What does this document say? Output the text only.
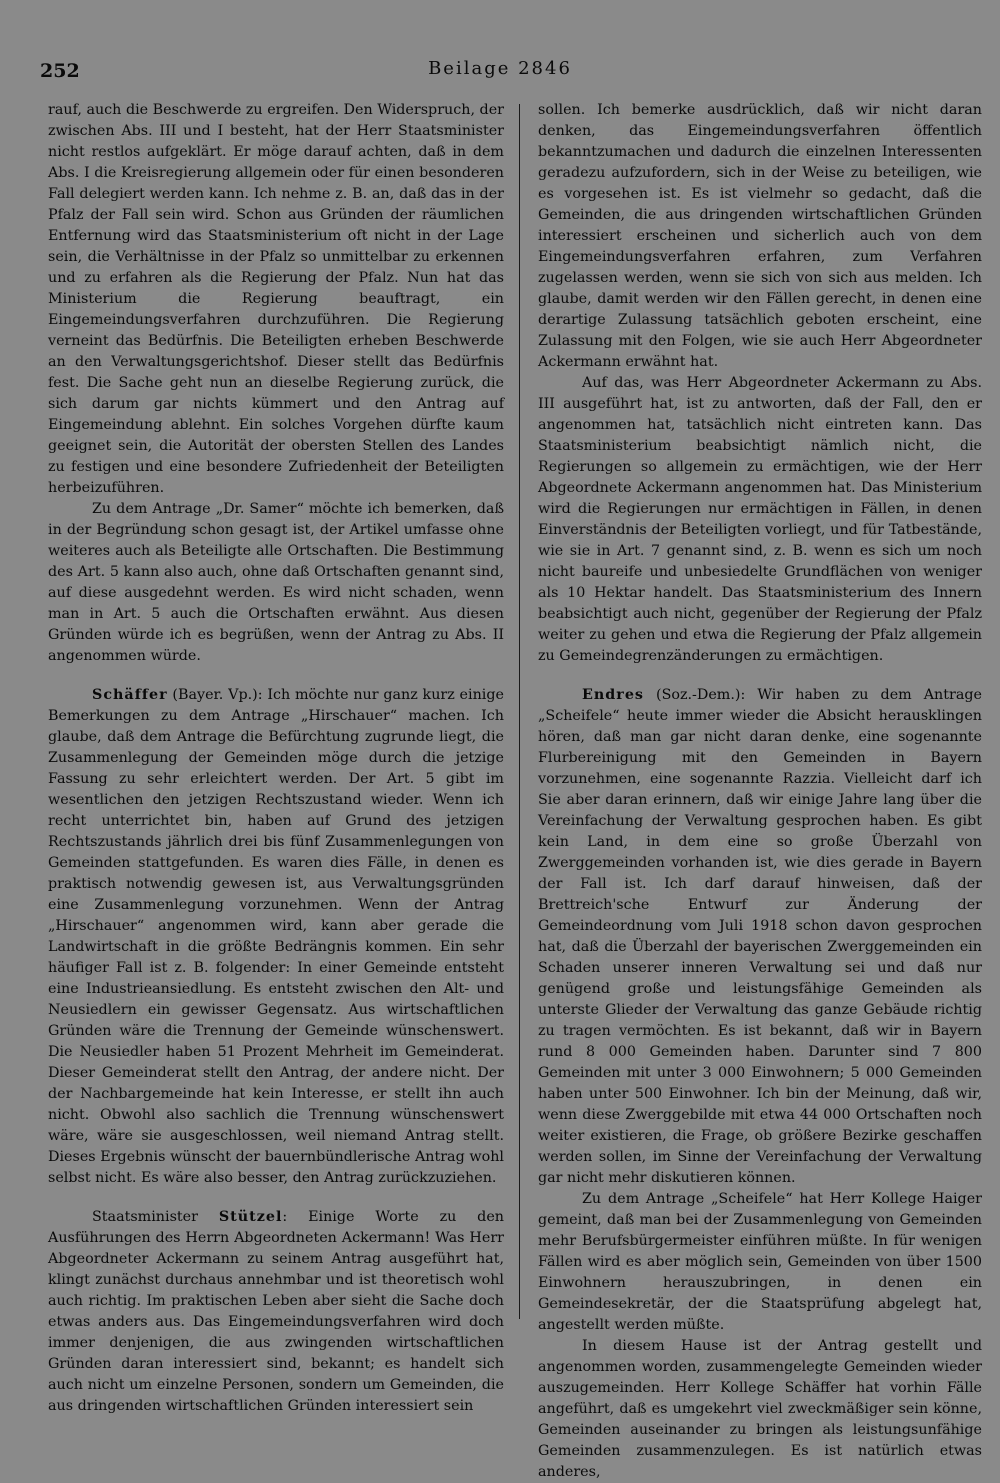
252	Beilage 2846

rauf, auch die Beschwerde zu ergreifen. Den Widerspruch, der zwischen Abs. III und I besteht, hat der Herr Staatsminister nicht restlos aufgeklärt. Er möge darauf achten, daß in dem Abs. I die Kreisregierung allgemein oder für einen besonderen Fall delegiert werden kann. Ich nehme z. B. an, daß das in der Pfalz der Fall sein wird. Schon aus Gründen der räumlichen Entfernung wird das Staatsministerium oft nicht in der Lage sein, die Verhältnisse in der Pfalz so unmittelbar zu erkennen und zu erfahren als die Regierung der Pfalz. Nun hat das Ministerium die Regierung beauftragt, ein Eingemeindungsverfahren durchzuführen. Die Regierung verneint das Bedürfnis. Die Beteiligten erheben Beschwerde an den Verwaltungsgerichtshof. Dieser stellt das Bedürfnis fest. Die Sache geht nun an dieselbe Regierung zurück, die sich darum gar nichts kümmert und den Antrag auf Eingemeindung ablehnt. Ein solches Vorgehen dürfte kaum geeignet sein, die Autorität der obersten Stellen des Landes zu festigen und eine besondere Zufriedenheit der Beteiligten herbeizuführen.

Zu dem Antrage „Dr. Samer“ möchte ich bemerken, daß in der Begründung schon gesagt ist, der Artikel umfasse ohne weiteres auch als Beteiligte alle Ortschaften. Die Bestimmung des Art. 5 kann also auch, ohne daß Ortschaften genannt sind, auf diese ausgedehnt werden. Es wird nicht schaden, wenn man in Art. 5 auch die Ortschaften erwähnt. Aus diesen Gründen würde ich es begrüßen, wenn der Antrag zu Abs. II angenommen würde.

Schäffer (Bayer. Vp.): Ich möchte nur ganz kurz einige Bemerkungen zu dem Antrage „Hirschauer“ machen. Ich glaube, daß dem Antrage die Befürchtung zugrunde liegt, die Zusammenlegung der Gemeinden möge durch die jetzige Fassung zu sehr erleichtert werden. Der Art. 5 gibt im wesentlichen den jetzigen Rechtszustand wieder. Wenn ich recht unterrichtet bin, haben auf Grund des jetzigen Rechtszustands jährlich drei bis fünf Zusammenlegungen von Gemeinden stattgefunden. Es waren dies Fälle, in denen es praktisch notwendig gewesen ist, aus Verwaltungsgründen eine Zusammenlegung vorzunehmen. Wenn der Antrag „Hirschauer“ angenommen wird, kann aber gerade die Landwirtschaft in die größte Bedrängnis kommen. Ein sehr häufiger Fall ist z. B. folgender: In einer Gemeinde entsteht eine Industrieansiedlung. Es entsteht zwischen den Alt- und Neusiedlern ein gewisser Gegensatz. Aus wirtschaftlichen Gründen wäre die Trennung der Gemeinde wünschenswert. Die Neusiedler haben 51 Prozent Mehrheit im Gemeinderat. Dieser Gemeinderat stellt den Antrag, der andere nicht. Der der Nachbargemeinde hat kein Interesse, er stellt ihn auch nicht. Obwohl also sachlich die Trennung wünschenswert wäre, wäre sie ausgeschlossen, weil niemand Antrag stellt. Dieses Ergebnis wünscht der bauernbündlerische Antrag wohl selbst nicht. Es wäre also besser, den Antrag zurückzuziehen.

Staatsminister Stützel: Einige Worte zu den Ausführungen des Herrn Abgeordneten Ackermann! Was Herr Abgeordneter Ackermann zu seinem Antrag ausgeführt hat, klingt zunächst durchaus annehmbar und ist theoretisch wohl auch richtig. Im praktischen Leben aber sieht die Sache doch etwas anders aus. Das Eingemeindungsverfahren wird doch immer denjenigen, die aus zwingenden wirtschaftlichen Gründen daran interessiert sind, bekannt; es handelt sich auch nicht um einzelne Personen, sondern um Gemeinden, die aus dringenden wirtschaftlichen Gründen interessiert sein

sollen. Ich bemerke ausdrücklich, daß wir nicht daran denken, das Eingemeindungsverfahren öffentlich bekanntzumachen und dadurch die einzelnen Interessenten geradezu aufzufordern, sich in der Weise zu beteiligen, wie es vorgesehen ist. Es ist vielmehr so gedacht, daß die Gemeinden, die aus dringenden wirtschaftlichen Gründen interessiert erscheinen und sicherlich auch von dem Eingemeindungsverfahren erfahren, zum Verfahren zugelassen werden, wenn sie sich von sich aus melden. Ich glaube, damit werden wir den Fällen gerecht, in denen eine derartige Zulassung tatsächlich geboten erscheint, eine Zulassung mit den Folgen, wie sie auch Herr Abgeordneter Ackermann erwähnt hat.

Auf das, was Herr Abgeordneter Ackermann zu Abs. III ausgeführt hat, ist zu antworten, daß der Fall, den er angenommen hat, tatsächlich nicht eintreten kann. Das Staatsministerium beabsichtigt nämlich nicht, die Regierungen so allgemein zu ermächtigen, wie der Herr Abgeordnete Ackermann angenommen hat. Das Ministerium wird die Regierungen nur ermächtigen in Fällen, in denen Einverständnis der Beteiligten vorliegt, und für Tatbestände, wie sie in Art. 7 genannt sind, z. B. wenn es sich um noch nicht baureife und unbesiedelte Grundflächen von weniger als 10 Hektar handelt. Das Staatsministerium des Innern beabsichtigt auch nicht, gegenüber der Regierung der Pfalz weiter zu gehen und etwa die Regierung der Pfalz allgemein zu Gemeindegrenzänderungen zu ermächtigen.

Endres (Soz.-Dem.): Wir haben zu dem Antrage „Scheifele“ heute immer wieder die Absicht herausklingen hören, daß man gar nicht daran denke, eine sogenannte Flurbereinigung mit den Gemeinden in Bayern vorzunehmen, eine sogenannte Razzia. Vielleicht darf ich Sie aber daran erinnern, daß wir einige Jahre lang über die Vereinfachung der Verwaltung gesprochen haben. Es gibt kein Land, in dem eine so große Überzahl von Zwerggemeinden vorhanden ist, wie dies gerade in Bayern der Fall ist. Ich darf darauf hinweisen, daß der Brettreich'sche Entwurf zur Änderung der Gemeindeordnung vom Juli 1918 schon davon gesprochen hat, daß die Überzahl der bayerischen Zwerggemeinden ein Schaden unserer inneren Verwaltung sei und daß nur genügend große und leistungsfähige Gemeinden als unterste Glieder der Verwaltung das ganze Gebäude richtig zu tragen vermöchten. Es ist bekannt, daß wir in Bayern rund 8 000 Gemeinden haben. Darunter sind 7 800 Gemeinden mit unter 3 000 Einwohnern; 5 000 Gemeinden haben unter 500 Einwohner. Ich bin der Meinung, daß wir, wenn diese Zwerggebilde mit etwa 44 000 Ortschaften noch weiter existieren, die Frage, ob größere Bezirke geschaffen werden sollen, im Sinne der Vereinfachung der Verwaltung gar nicht mehr diskutieren können.

Zu dem Antrage „Scheifele“ hat Herr Kollege Haiger gemeint, daß man bei der Zusammenlegung von Gemeinden mehr Berufsbürgermeister einführen müßte. In für wenigen Fällen wird es aber möglich sein, Gemeinden von über 1500 Einwohnern herauszubringen, in denen ein Gemeindesekretär, der die Staatsprüfung abgelegt hat, angestellt werden müßte.

In diesem Hause ist der Antrag gestellt und angenommen worden, zusammengelegte Gemeinden wieder auszugemeinden. Herr Kollege Schäffer hat vorhin Fälle angeführt, daß es umgekehrt viel zweckmäßiger sein könne, Gemeinden auseinander zu bringen als leistungsunfähige Gemeinden zusammenzulegen. Es ist natürlich etwas anderes,
